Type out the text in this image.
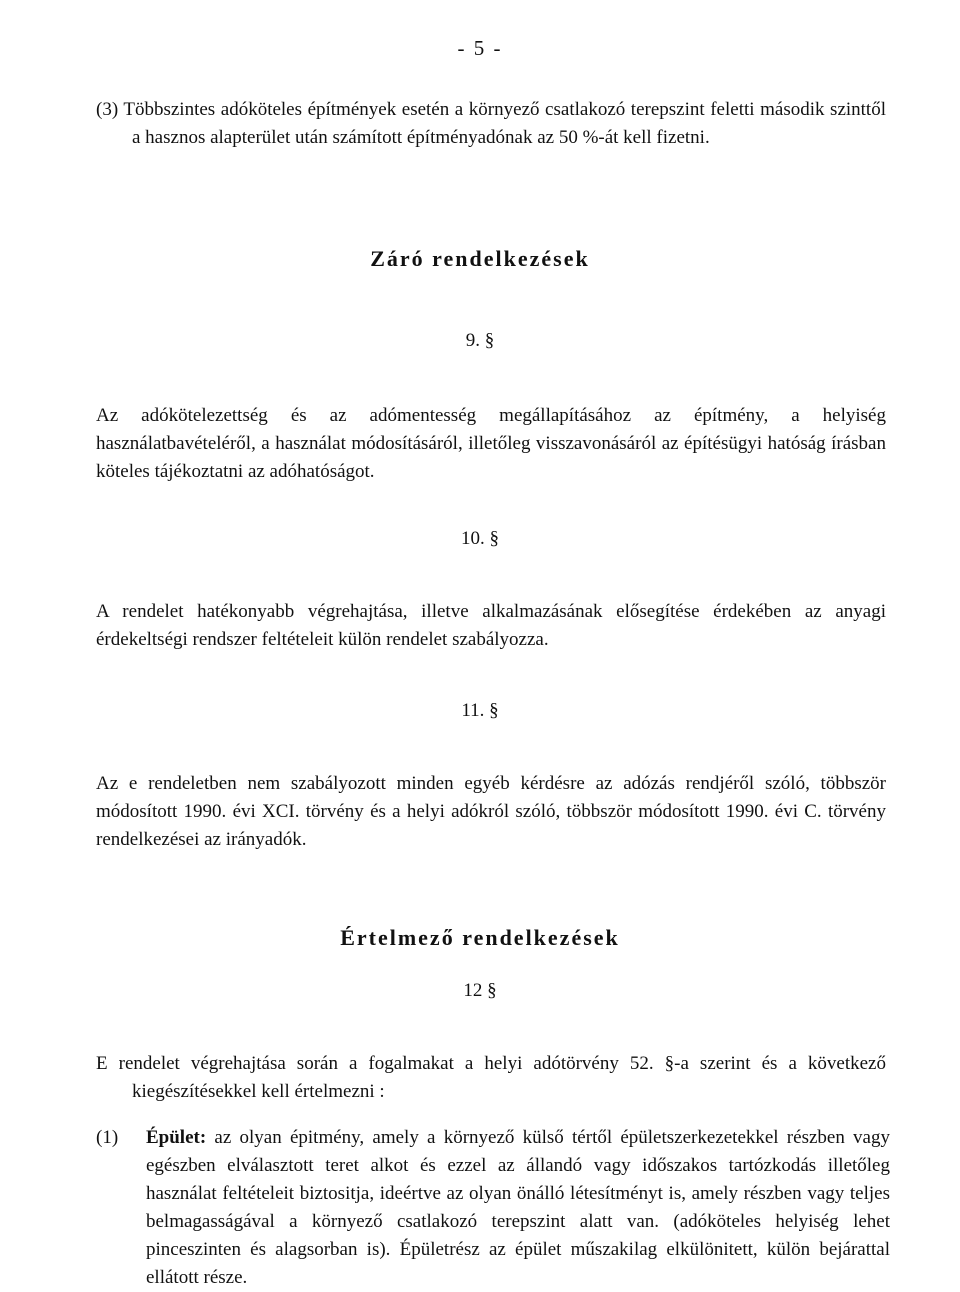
- 5 -
(3) Többszintes adóköteles építmények esetén a környező csatlakozó terepszint feletti második szinttől a hasznos alapterület után számított építményadónak az 50 %-át kell fizetni.
Záró rendelkezések
9. §
Az adókötelezettség és az adómentesség megállapításához az építmény, a helyiség használatbavételéről, a használat módosításáról, illetőleg visszavonásáról az építésügyi hatóság írásban köteles tájékoztatni az adóhatóságot.
10. §
A rendelet hatékonyabb végrehajtása, illetve alkalmazásának elősegítése érdekében az anyagi érdekeltségi rendszer feltételeit külön rendelet szabályozza.
11. §
Az e rendeletben nem szabályozott minden egyéb kérdésre az adózás rendjéről szóló, többször módosított 1990. évi XCI. törvény és a helyi adókról szóló, többször módosított 1990. évi C. törvény rendelkezései az irányadók.
Értelmező rendelkezések
12 §
E rendelet végrehajtása során a fogalmakat a helyi adótörvény 52. §-a szerint és a következő kiegészítésekkel kell értelmezni :
(1) Épület: az olyan épitmény, amely a környező külső tértől épületszerkezetekkel részben vagy egészben elválasztott teret alkot és ezzel az állandó vagy időszakos tartózkodás illetőleg használat feltételeit biztositja, ideértve az olyan önálló létesítményt is, amely részben vagy teljes belmagasságával a környező csatlakozó terepszint alatt van. (adóköteles helyiség lehet pinceszinten és alagsorban is). Épületrész az épület műszakilag elkülönitett, külön bejárattal ellátott része.
